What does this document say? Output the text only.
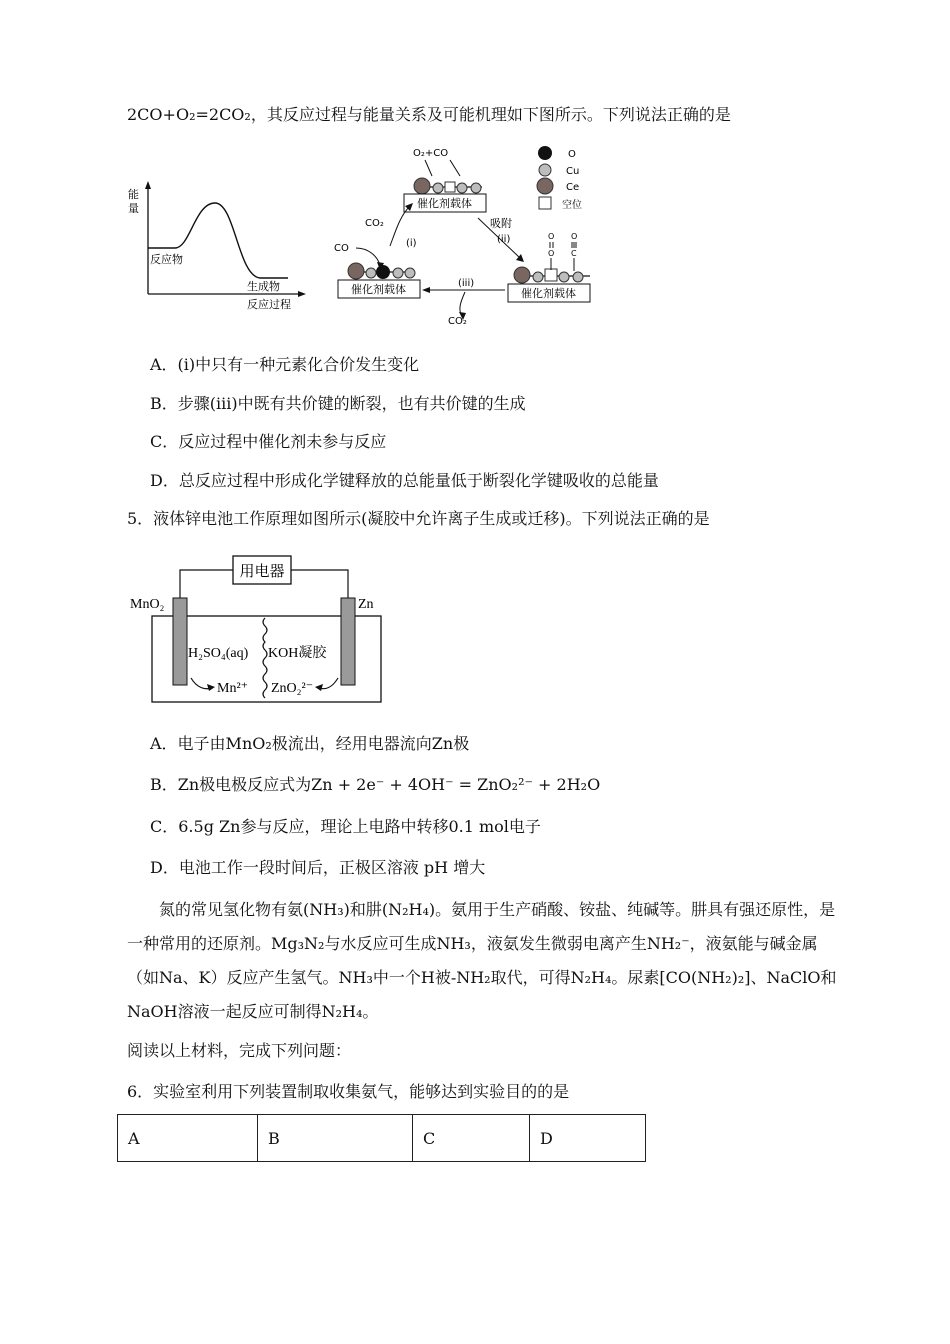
2CO+O₂=2CO₂，其反应过程与能量关系及可能机理如下图所示。下列说法正确的是
能
量
反应物
生成物
反应过程
O₂+CO
催化剂载体
CO
催化剂载体
CO₂
(i)
吸附
(ii)	O
O
O
C
催化剂载体
(iii)
CO₂
O
Cu
Ce
空位
A．(i)中只有一种元素化合价发生变化
B．步骤(iii)中既有共价键的断裂，也有共价键的生成
C．反应过程中催化剂未参与反应
D．总反应过程中形成化学键释放的总能量低于断裂化学键吸收的总能量
5．液体锌电池工作原理如图所示(凝胶中允许离子生成或迁移)。下列说法正确的是
用电器
MnO₂	Zn
H₂SO₄(aq) KOH凝胶
Mn²⁺ ZnO₂²⁻
A．电子由MnO₂极流出，经用电器流向Zn极
B．Zn极电极反应式为Zn + 2e⁻ + 4OH⁻ = ZnO₂²⁻ + 2H₂O
C．6.5g Zn参与反应，理论上电路中转移0.1 mol电子
D．电池工作一段时间后，正极区溶液 pH 增大
氮的常见氢化物有氨(NH₃)和肼(N₂H₄)。氨用于生产硝酸、铵盐、纯碱等。肼具有强还原性，是一种常用的还原剂。Mg₃N₂与水反应可生成NH₃，液氨发生微弱电离产生NH₂⁻，液氨能与碱金属（如Na、K）反应产生氢气。NH₃中一个H被-NH₂取代，可得N₂H₄。尿素[CO(NH₂)₂]、NaClO和NaOH溶液一起反应可制得N₂H₄。
阅读以上材料，完成下列问题：
6．实验室利用下列装置制取收集氨气，能够达到实验目的的是
A	B	C	D
